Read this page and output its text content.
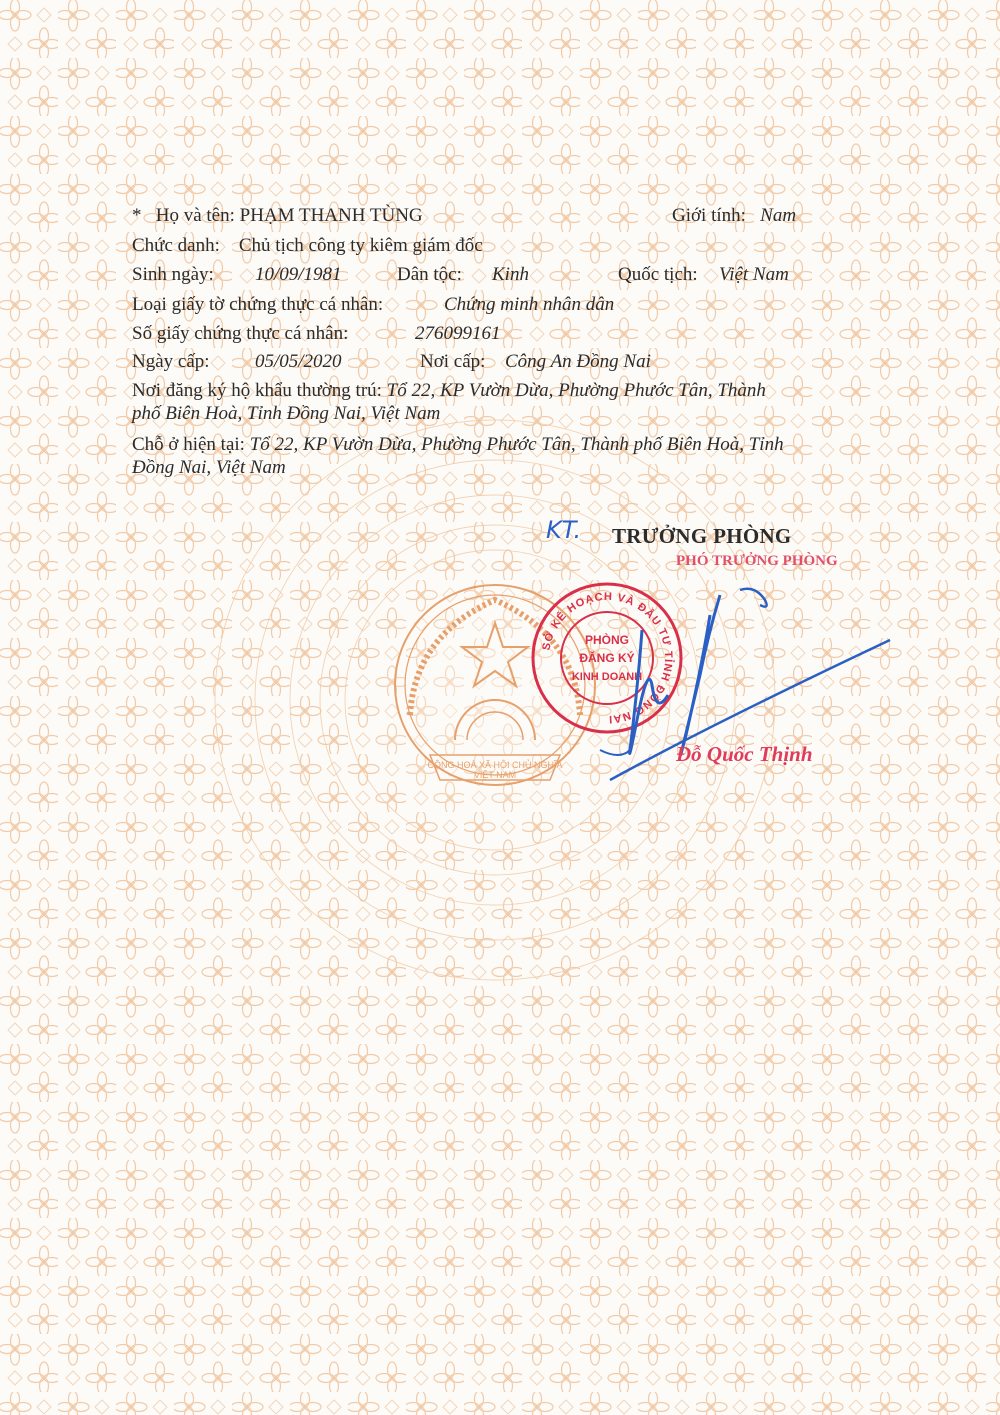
CỘNG HOÀ XÃ HỘI CHỦ NGHĨA
VIỆT NAM
* Họ và tên: PHẠM THANH TÙNG	Giới tính: Nam
Chức danh: Chủ tịch công ty kiêm giám đốc
Sinh ngày: 10/09/1981	Dân tộc: Kinh	Quốc tịch: Việt Nam
Loại giấy tờ chứng thực cá nhân:	Chứng minh nhân dân
Số giấy chứng thực cá nhân:	276099161
Ngày cấp: 05/05/2020	Nơi cấp: Công An Đồng Nai
Nơi đăng ký hộ khẩu thường trú: Tổ 22, KP Vườn Dừa, Phường Phước Tân, Thành
phố Biên Hoà, Tỉnh Đồng Nai, Việt Nam
Chỗ ở hiện tại: Tổ 22, KP Vườn Dừa, Phường Phước Tân, Thành phố Biên Hoà, Tỉnh
Đồng Nai, Việt Nam
KT. TRƯỞNG PHÒNG
PHÓ TRƯỞNG PHÒNG
SỞ KẾ HOẠCH VÀ ĐẦU TƯ TỈNH ĐỒNG NAI
PHÒNG
ĐĂNG KÝ
KINH DOANH
Đỗ Quốc Thịnh
